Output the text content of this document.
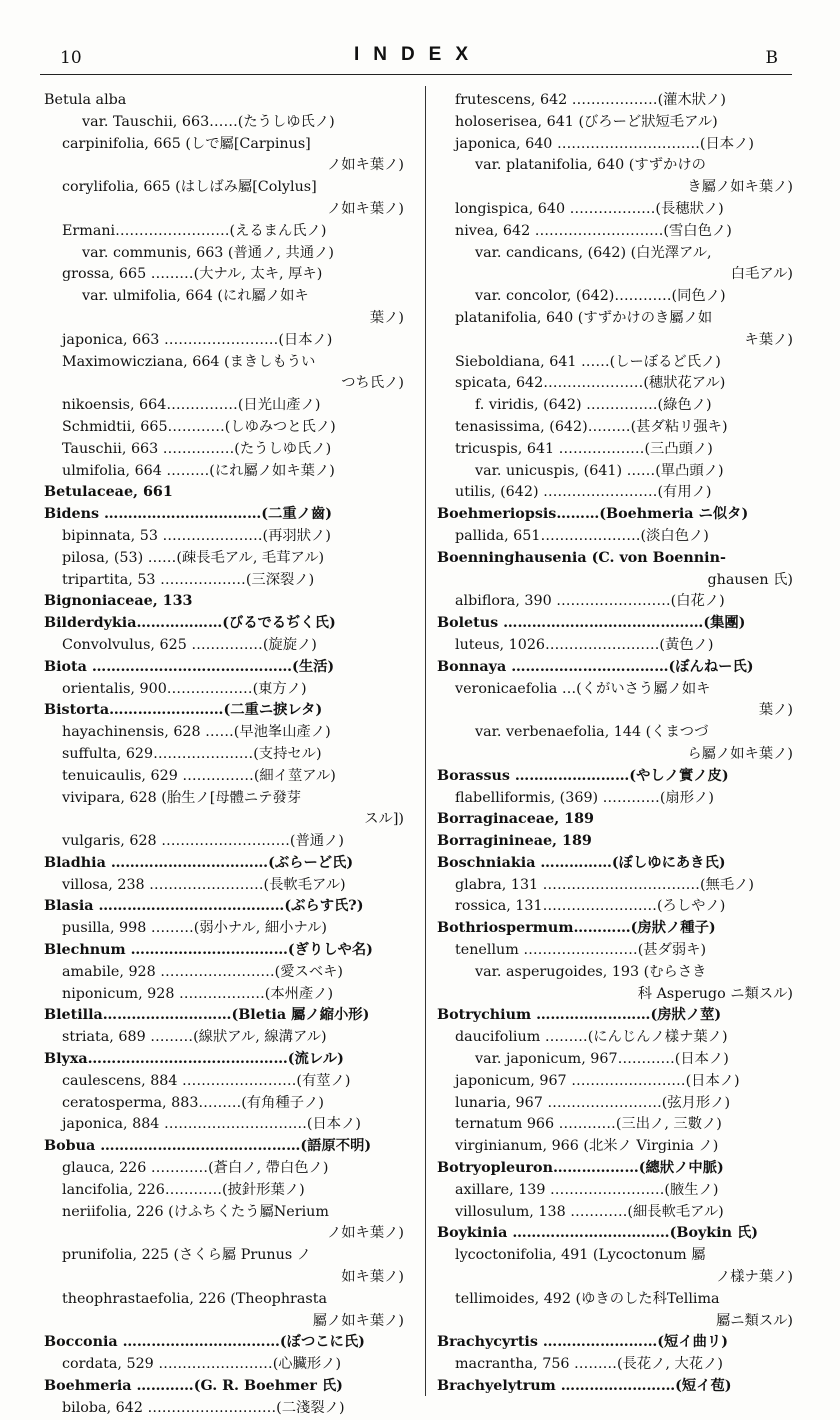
10	INDEX	B
Betula alba
var. Tauschii, 663……(たうしゆ氏ノ)
carpinifolia, 665 (しで屬[Carpinus]
ノ如キ葉ノ)
corylifolia, 665 (はしばみ屬[Colylus]
ノ如キ葉ノ)
Ermani……………………(えるまん氏ノ)
var. communis, 663 (普通ノ, 共通ノ)
grossa, 665 ………(大ナル, 太キ, 厚キ)
var. ulmifolia, 664 (にれ屬ノ如キ
葉ノ)
japonica, 663 ……………………(日本ノ)
Maximowicziana, 664 (まきしもうい
つち氏ノ)
nikoensis, 664……………(日光山產ノ)
Schmidtii, 665…………(しゆみつと氏ノ)
Tauschii, 663 ……………(たうしゆ氏ノ)
ulmifolia, 664 ………(にれ屬ノ如キ葉ノ)
Betulaceae, 661
Bidens ……………………………(二重ノ齒)
bipinnata, 53 …………………(再羽狀ノ)
pilosa, (53) ……(疎長毛アル, 毛茸アル)
tripartita, 53 ………………(三深裂ノ)
Bignoniaceae, 133
Bilderdykia………………(びるでるぢく氏)
Convolvulus, 625 ……………(旋旋ノ)
Biota ……………………………………(生活)
orientalis, 900………………(東方ノ)
Bistorta……………………(二重ニ捩レタ)
hayachinensis, 628 ……(早池峯山產ノ)
suffulta, 629…………………(支持セル)
tenuicaulis, 629 ……………(細イ莖アル)
vivipara, 628 (胎生ノ[母體ニテ發芽
スル])
vulgaris, 628 ………………………(普通ノ)
Bladhia ……………………………(ぶらーど氏)
villosa, 238 ……………………(長軟毛アル)
Blasia …………………………………(ぶらす氏?)
pusilla, 998 ………(弱小ナル, 細小ナル)
Blechnum ……………………………(ぎりしや名)
amabile, 928 ……………………(愛スベキ)
niponicum, 928 ………………(本州產ノ)
Bletilla………………………(Bletia 屬ノ縮小形)
striata, 689 ………(線狀アル, 線溝アル)
Blyxa……………………………………(流レル)
caulescens, 884 ……………………(有莖ノ)
ceratosperma, 883………(有角種子ノ)
japonica, 884 …………………………(日本ノ)
Bobua ……………………………………(語原不明)
glauca, 226 …………(蒼白ノ, 帶白色ノ)
lancifolia, 226…………(披針形葉ノ)
neriifolia, 226 (けふちくたう屬Nerium
ノ如キ葉ノ)
prunifolia, 225 (さくら屬 Prunus ノ
如キ葉ノ)
theophrastaefolia, 226 (Theophrasta
屬ノ如キ葉ノ)
Bocconia ……………………………(ぼつこに氏)
cordata, 529 ……………………(心臟形ノ)
Boehmeria …………(G. R. Boehmer 氏)
biloba, 642 ………………………(二淺裂ノ)
frutescens, 642 ………………(灌木狀ノ)
holoserisea, 641 (びろーど狀短毛アル)
japonica, 640 …………………………(日本ノ)
var. platanifolia, 640 (すずかけの
き屬ノ如キ葉ノ)
longispica, 640 ………………(長穗狀ノ)
nivea, 642 ………………………(雪白色ノ)
var. candicans, (642) (白光澤アル,
白毛アル)
var. concolor, (642)…………(同色ノ)
platanifolia, 640 (すずかけのき屬ノ如
キ葉ノ)
Sieboldiana, 641 ……(しーぼるど氏ノ)
spicata, 642…………………(穗狀花アル)
f. viridis, (642) ……………(綠色ノ)
tenasissima, (642)………(甚ダ粘リ强キ)
tricuspis, 641 ………………(三凸頭ノ)
var. unicuspis, (641) ……(單凸頭ノ)
utilis, (642) ……………………(有用ノ)
Boehmeriopsis………(Boehmeria ニ似タ)
pallida, 651…………………(淡白色ノ)
Boenninghausenia (C. von Boennin-
ghausen 氏)
albiflora, 390 ……………………(白花ノ)
Boletus ……………………………………(集團)
luteus, 1026……………………(黃色ノ)
Bonnaya ……………………………(ぼんねー氏)
veronicaefolia …(くがいさう屬ノ如キ
葉ノ)
var. verbenaefolia, 144 (くまつづ
ら屬ノ如キ葉ノ)
Borassus ……………………(やしノ實ノ皮)
flabelliformis, (369) …………(扇形ノ)
Borraginaceae, 189
Borragininеae, 189
Boschniakia ……………(ぼしゆにあき氏)
glabra, 131 ……………………………(無毛ノ)
rossica, 131……………………(ろしやノ)
Bothriospermum…………(房狀ノ種子)
tenellum ……………………(甚ダ弱キ)
var. asperugoides, 193 (むらさき
科 Asperugo ニ類スル)
Botrychium ……………………(房狀ノ莖)
daucifolium ………(にんじんノ樣ナ葉ノ)
var. japonicum, 967…………(日本ノ)
japonicum, 967 ……………………(日本ノ)
lunaria, 967 ……………………(弦月形ノ)
ternatum 966 …………(三出ノ, 三數ノ)
virginianum, 966 (北米ノ Virginia ノ)
Botryopleuron………………(總狀ノ中脈)
axillare, 139 ……………………(腋生ノ)
villosulum, 138 …………(細長軟毛アル)
Boykinia ……………………………(Boykin 氏)
lycoctonifolia, 491 (Lycoctonum 屬
ノ樣ナ葉ノ)
tellimoides, 492 (ゆきのした科Tellima
屬ニ類スル)
Brachycyrtis ……………………(短イ曲リ)
macrantha, 756 ………(長花ノ, 大花ノ)
Brachyelytrum ……………………(短イ苞)
